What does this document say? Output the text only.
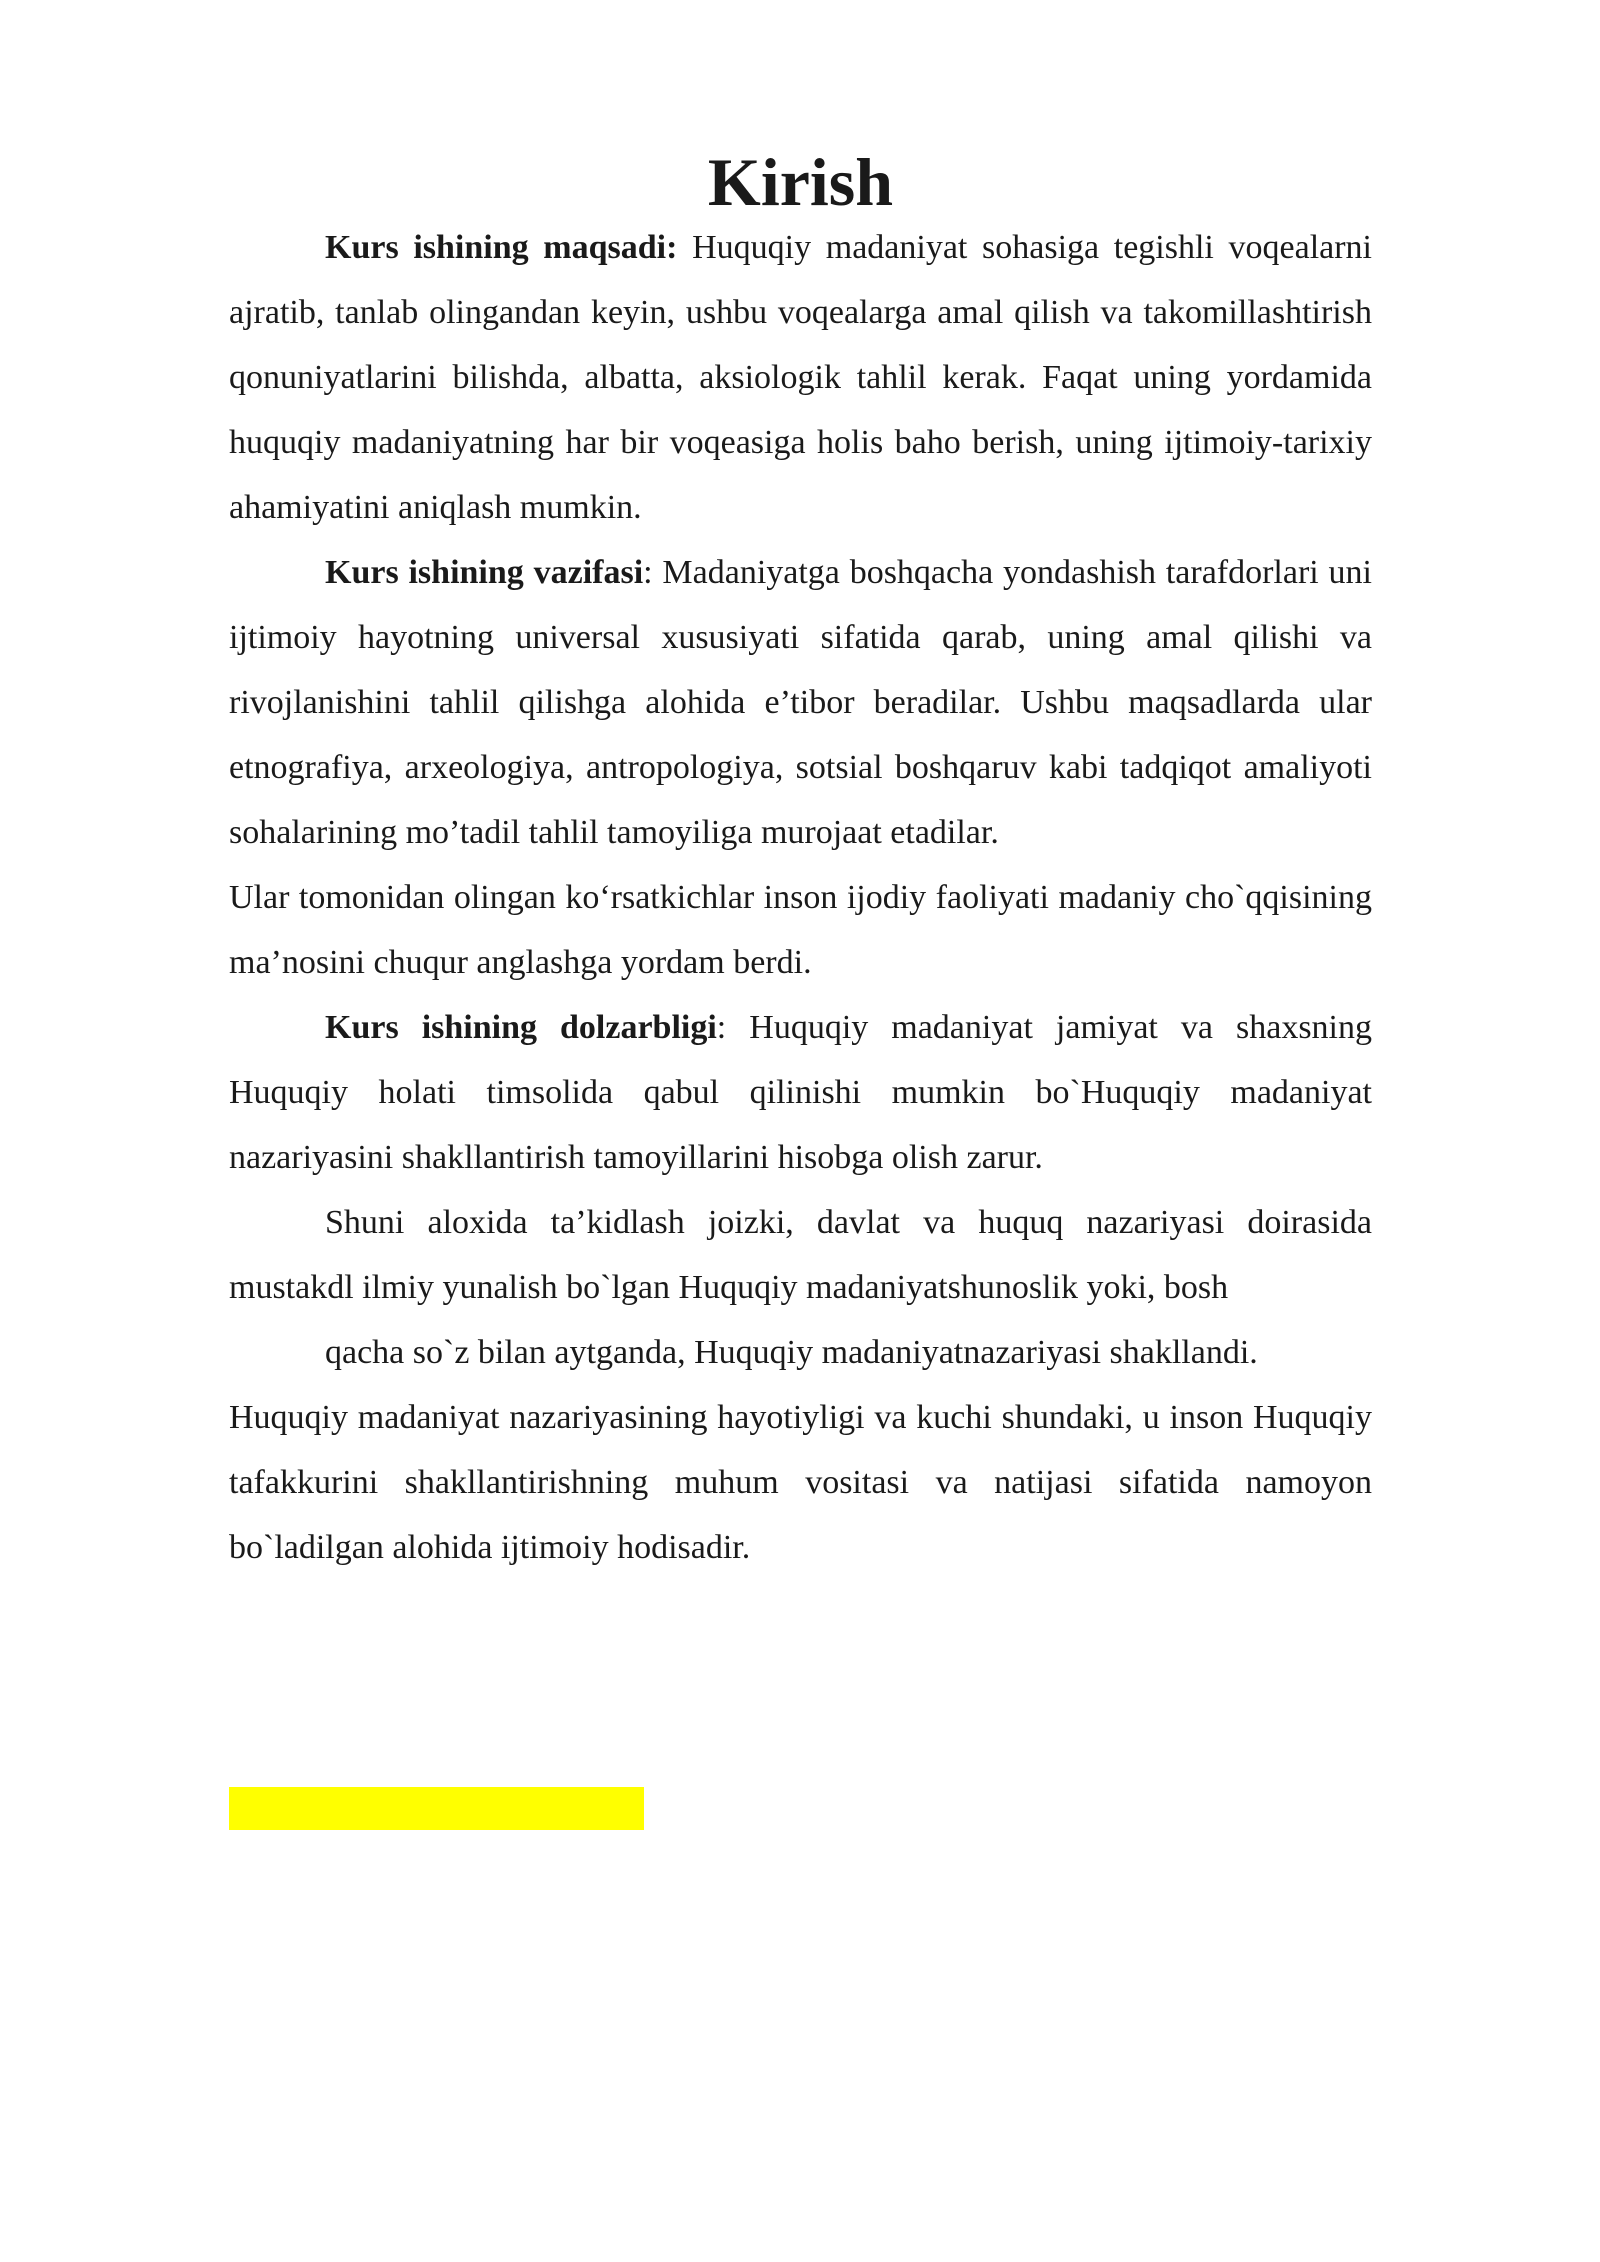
Kirish

Kurs ishining maqsadi: Huquqiy madaniyat sohasiga tegishli voqealarni ajratib, tanlab olingandan keyin, ushbu voqealarga amal qilish va takomillashtirish qonuniyatlarini bilishda, albatta, aksiologik tahlil kerak. Faqat uning yordamida huquqiy madaniyatning har bir voqeasiga holis baho berish, uning ijtimoiy-tarixiy ahamiyatini aniqlash mumkin.

Kurs ishining vazifasi: Madaniyatga boshqacha yondashish tarafdorlari uni ijtimoiy hayotning universal xususiyati sifatida qarab, uning amal qilishi va rivojlanishini tahlil qilishga alohida e’tibor beradilar. Ushbu maqsadlarda ular etnografiya, arxeologiya, antropologiya, sotsial boshqaruv kabi tadqiqot amaliyoti sohalarining mo’tadil tahlil tamoyiliga murojaat etadilar.

Ular tomonidan olingan ko‘rsatkichlar inson ijodiy faoliyati madaniy cho`qqisining ma’nosini chuqur anglashga yordam berdi.

Kurs ishining dolzarbligi: Huquqiy madaniyat jamiyat va shaxsning Huquqiy holati timsolida qabul qilinishi mumkin bo`Huquqiy madaniyat nazariyasini shakllantirish tamoyillarini hisobga olish zarur.

Shuni aloxida ta’kidlash joizki, davlat va huquq nazariyasi doirasida mustakdl ilmiy yunalish bo`lgan Huquqiy madaniyatshunoslik yoki, bosh

qacha so`z bilan aytganda, Huquqiy madaniyatnazariyasi shakllandi.

Huquqiy madaniyat nazariyasining hayotiyligi va kuchi shundaki, u inson Huquqiy tafakkurini shakllantirishning muhum vositasi va natijasi sifatida namoyon bo`ladilgan alohida ijtimoiy hodisadir.
